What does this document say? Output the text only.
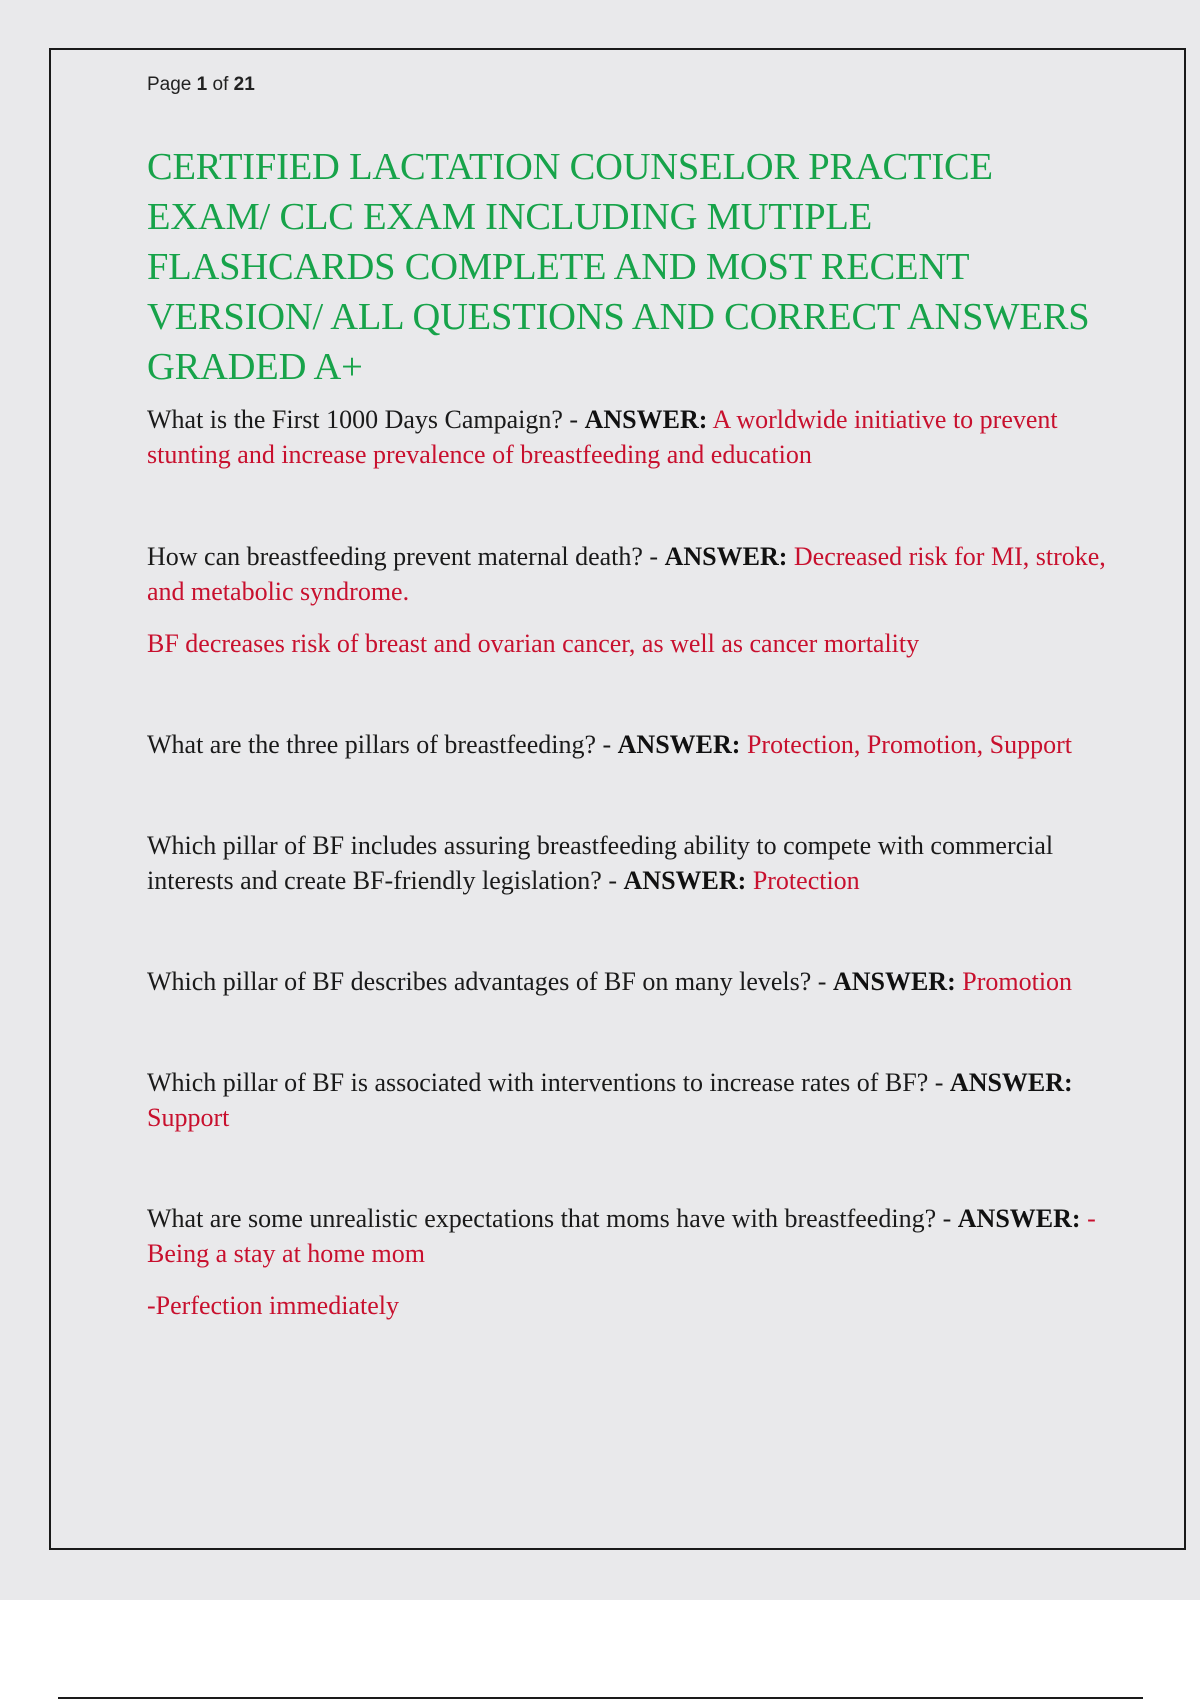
Page 1 of 21
CERTIFIED LACTATION COUNSELOR PRACTICE EXAM/ CLC EXAM INCLUDING MUTIPLE FLASHCARDS COMPLETE AND MOST RECENT VERSION/ ALL QUESTIONS AND CORRECT ANSWERS GRADED A+

What is the First 1000 Days Campaign? - ANSWER: A worldwide initiative to prevent stunting and increase prevalence of breastfeeding and education

How can breastfeeding prevent maternal death? - ANSWER: Decreased risk for MI, stroke, and metabolic syndrome.

BF decreases risk of breast and ovarian cancer, as well as cancer mortality

What are the three pillars of breastfeeding? - ANSWER: Protection, Promotion, Support

Which pillar of BF includes assuring breastfeeding ability to compete with commercial interests and create BF-friendly legislation? - ANSWER: Protection

Which pillar of BF describes advantages of BF on many levels? - ANSWER: Promotion

Which pillar of BF is associated with interventions to increase rates of BF? - ANSWER: Support

What are some unrealistic expectations that moms have with breastfeeding? - ANSWER: -Being a stay at home mom

-Perfection immediately
